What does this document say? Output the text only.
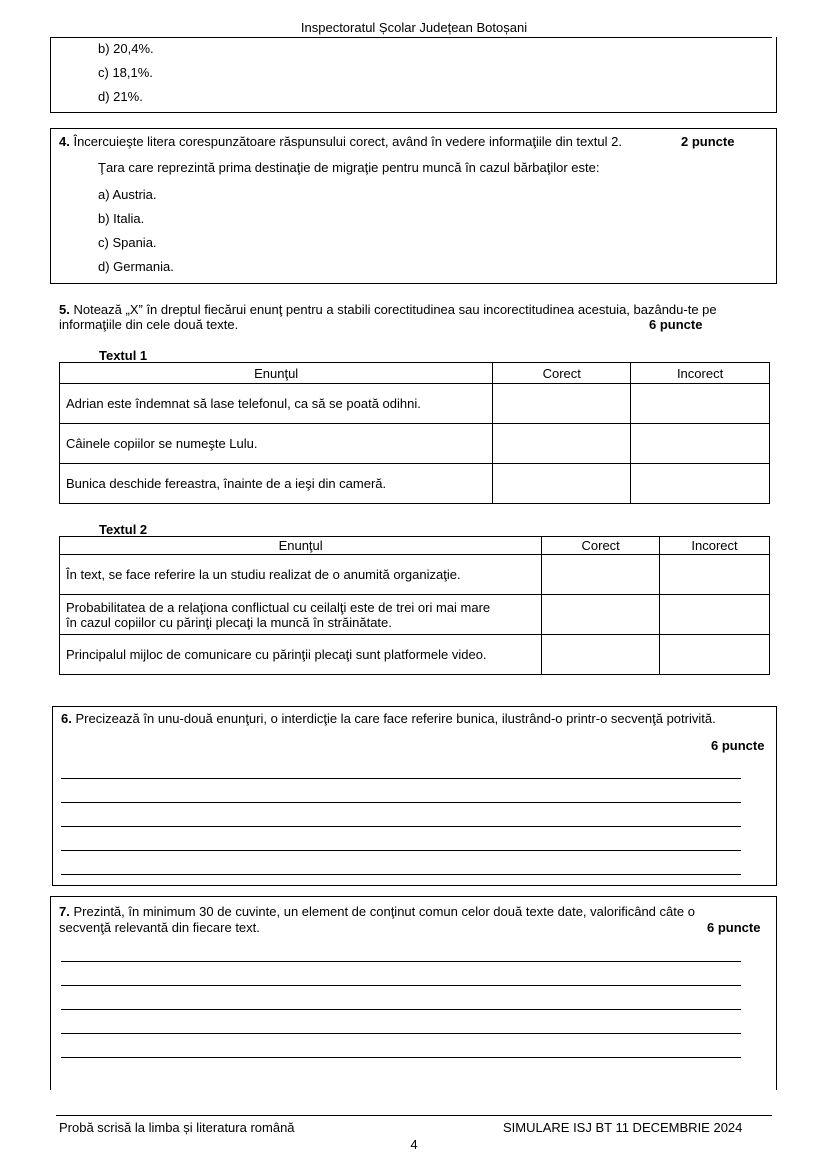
Inspectoratul Școlar Județean Botoșani
b) 20,4%.
c) 18,1%.
d) 21%.
4. Încercuieşte litera corespunzătoare răspunsului corect, având în vedere informaţiile din textul 2.	2 puncte
Ţara care reprezintă prima destinaţie de migraţie pentru muncă în cazul bărbaţilor este:
a) Austria.
b) Italia.
c) Spania.
d) Germania.
5. Notează „X” în dreptul fiecărui enunţ pentru a stabili corectitudinea sau incorectitudinea acestuia, bazându-te pe
informaţiile din cele două texte.	6 puncte
Textul 1
Enunţul	Corect	Incorect
Adrian este îndemnat să lase telefonul, ca să se poată odihni.		
Câinele copiilor se numeşte Lulu.		
Bunica deschide fereastra, înainte de a ieşi din cameră.		
Textul 2
Enunţul	Corect	Incorect
În text, se face referire la un studiu realizat de o anumită organizaţie.		

Probabilitatea de a relaţiona conflictual cu ceilalţi este de trei ori mai mare
în cazul copiilor cu părinţi plecaţi la muncă în străinătate.		

Principalul mijloc de comunicare cu părinţii plecaţi sunt platformele video.		
6. Precizează în unu-două enunţuri, o interdicţie la care face referire bunica, ilustrând-o printr-o secvenţă potrivită.
6 puncte
7. Prezintă, în minimum 30 de cuvinte, un element de conţinut comun celor două texte date, valorificând câte o
secvenţă relevantă din fiecare text.	6 puncte
Probă scrisă la limba și literatura română	SIMULARE ISJ BT 11 DECEMBRIE 2024
4
